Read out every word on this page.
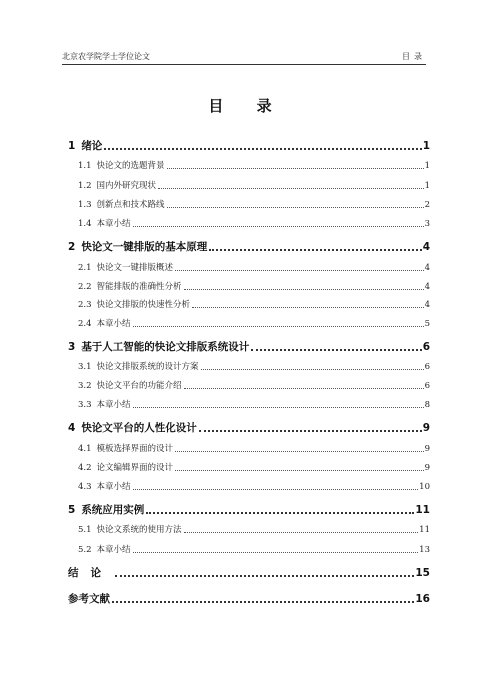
北京农学院学士学位论文	目录
目 录
1 绪论	1
1.1 快论文的选题背景	1
1.2 国内外研究现状	1
1.3 创新点和技术路线	2
1.4 本章小结	3
2 快论文一键排版的基本原理	4
2.1 快论文一键排版概述	4
2.2 智能排版的准确性分析	4
2.3 快论文排版的快速性分析	4
2.4 本章小结	5
3 基于人工智能的快论文排版系统设计	6
3.1 快论文排版系统的设计方案	6
3.2 快论文平台的功能介绍	6
3.3 本章小结	8
4 快论文平台的人性化设计	9
4.1 模板选择界面的设计	9
4.2 论文编辑界面的设计	9
4.3 本章小结	10
5 系统应用实例	11
5.1 快论文系统的使用方法	11
5.2 本章小结	13
结论	15
参考文献	16
